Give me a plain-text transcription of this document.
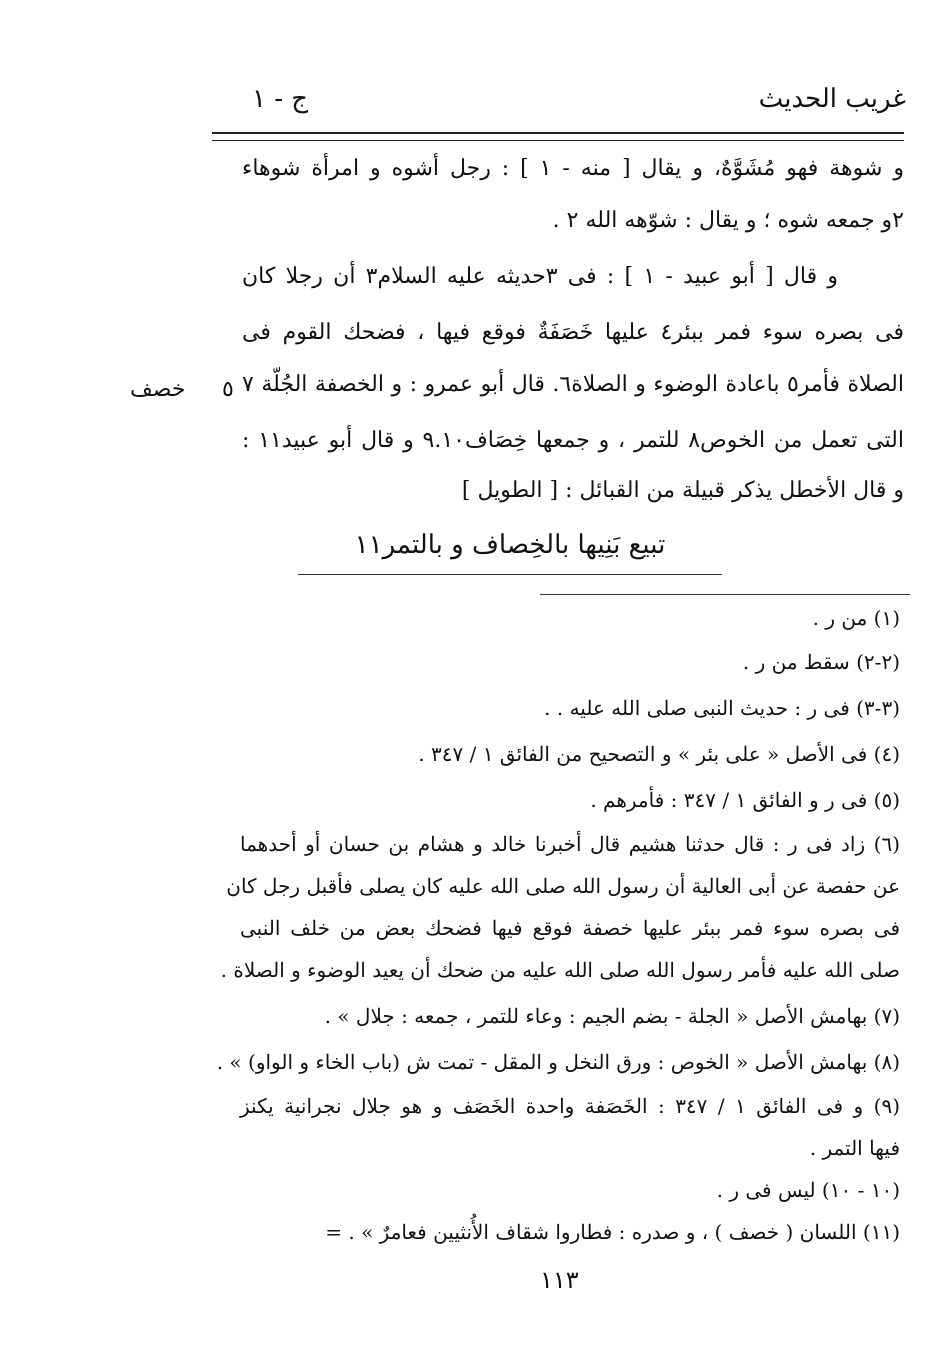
غريب الحديث
ج - ١
و شوهة فهو مُشَوَّهٌ، و يقال [ منه - ١ ] : رجل أشوه و امرأة شوهاء
٢و جمعه شوه ؛ و يقال : شوّهه الله ٢ .
و قال [ أبو عبيد - ١ ] : فى ٣حديثه عليه السلام٣ أن رجلا كان
فى بصره سوء فمر ببئر٤ عليها خَصَفَةٌ فوقع فيها ، فضحك القوم فى
الصلاة فأمر٥ باعادة الوضوء و الصلاة٦. قال أبو عمرو : و الخصفة الجُلّة ٧
التى تعمل من الخوص٨ للتمر ، و جمعها خِصَاف٩.١٠ و قال أبو عبيد١١ :
و قال الأخطل يذكر قبيلة من القبائل : [ الطويل ]
٥
خصف
تبيع بَنِيها بالخِصاف و بالتمر١١
(١) من ر .
(٢-٢) سقط من ر .
(٣-٣) فى ر : حديث النبى صلى الله عليه . .
(٤) فى الأصل « على بئر » و التصحيح من الفائق ١ / ٣٤٧ .
(٥) فى ر و الفائق ١ / ٣٤٧ : فأمرهم .
(٦) زاد فى ر : قال حدثنا هشيم قال أخبرنا خالد و هشام بن حسان أو أحدهما
عن حفصة عن أبى العالية أن رسول الله صلى الله عليه كان يصلى فأقبل رجل كان
فى بصره سوء فمر ببئر عليها خصفة فوقع فيها فضحك بعض من خلف النبى
صلى الله عليه فأمر رسول الله صلى الله عليه من ضحك أن يعيد الوضوء و الصلاة .
(٧) بهامش الأصل « الجلة - بضم الجيم : وعاء للتمر ، جمعه : جلال » .
(٨) بهامش الأصل « الخوص : ورق النخل و المقل - تمت ش (باب الخاء و الواو) » .
(٩) و فى الفائق ١ / ٣٤٧ : الخَصَفة واحدة الخَصَف و هو جلال نجرانية يكنز
فيها التمر .
(١٠ - ١٠) ليس فى ر .
(١١) اللسان ( خصف ) ، و صدره : فطاروا شقاف الأُنثيين فعامرٌ » . =
١١٣
